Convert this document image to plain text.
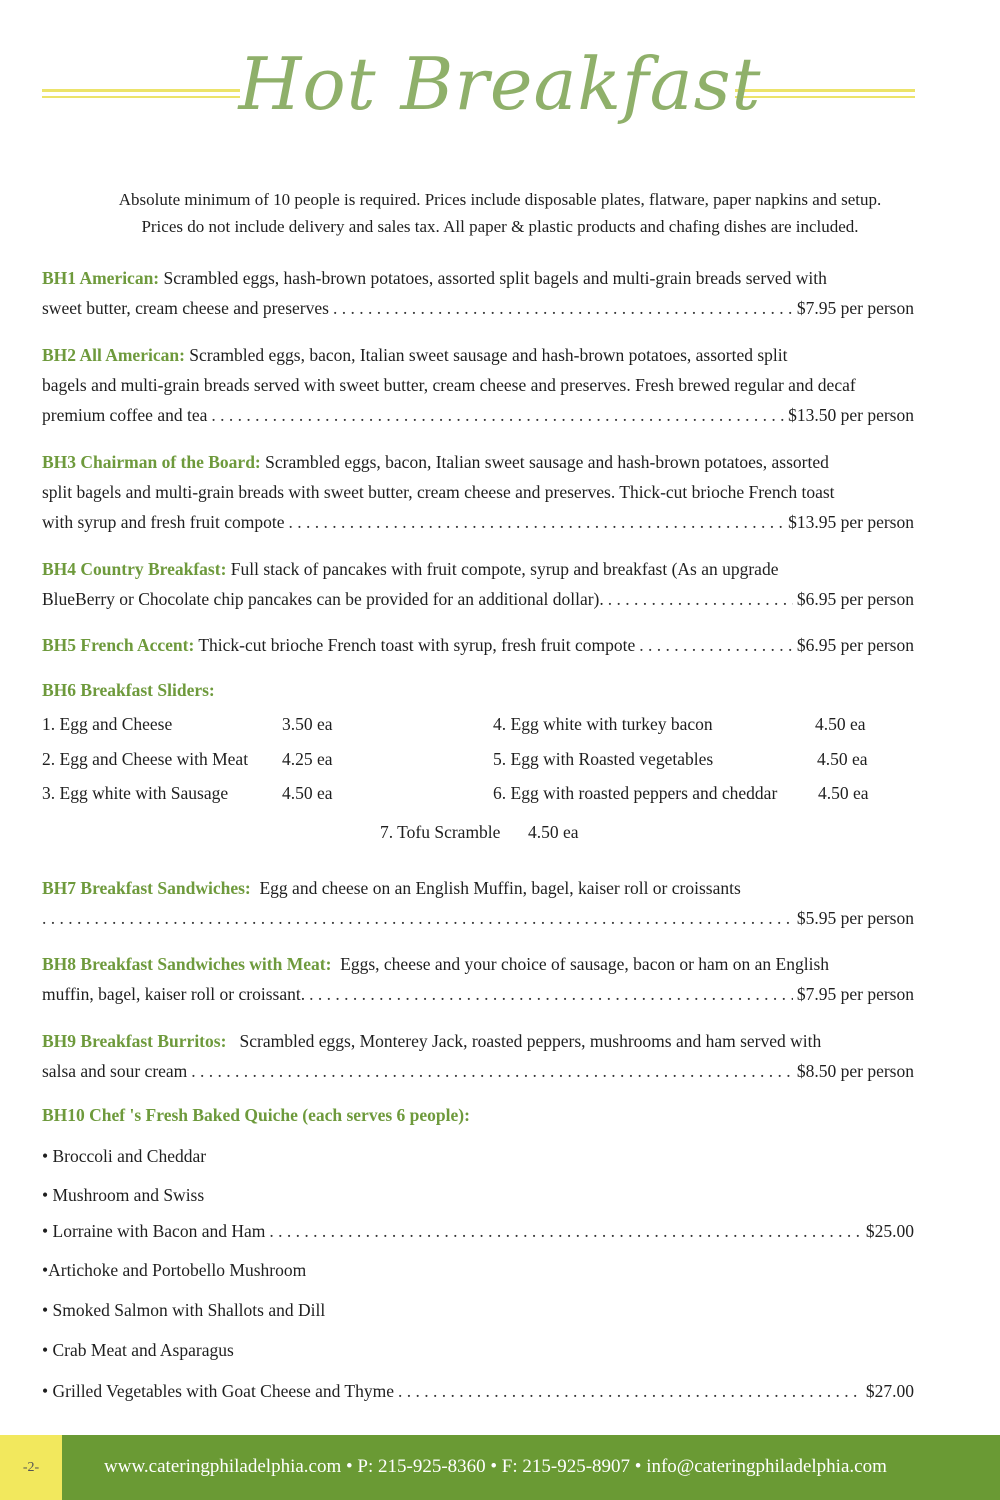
Hot Breakfast
Absolute minimum of 10 people is required. Prices include disposable plates, flatware, paper napkins and setup.
Prices do not include delivery and sales tax. All paper & plastic products and chafing dishes are included.
BH1 American: Scrambled eggs, hash-brown potatoes, assorted split bagels and multi-grain breads served with
sweet butter, cream cheese and preserves . . .	$7.95 per person
BH2 All American: Scrambled eggs, bacon, Italian sweet sausage and hash-brown potatoes, assorted split
bagels and multi-grain breads served with sweet butter, cream cheese and preserves. Fresh brewed regular and decaf
premium coffee and tea . . .	$13.50 per person
BH3 Chairman of the Board: Scrambled eggs, bacon, Italian sweet sausage and hash-brown potatoes, assorted
split bagels and multi-grain breads with sweet butter, cream cheese and preserves. Thick-cut brioche French toast
with syrup and fresh fruit compote . . .	$13.95 per person
BH4 Country Breakfast: Full stack of pancakes with fruit compote, syrup and breakfast (As an upgrade
BlueBerry or Chocolate chip pancakes can be provided for an additional dollar). . . .	$6.95 per person
BH5 French Accent: Thick-cut brioche French toast with syrup, fresh fruit compote . . .	$6.95 per person
BH6 Breakfast Sliders:
1. Egg and Cheese	3.50 ea
2. Egg and Cheese with Meat 4.25 ea
3. Egg white with Sausage	4.50 ea
4. Egg white with turkey bacon	4.50 ea
5. Egg with Roasted vegetables	4.50 ea
6. Egg with roasted peppers and cheddar 4.50 ea
7. Tofu Scramble 4.50 ea
BH7 Breakfast Sandwiches: Egg and cheese on an English Muffin, bagel, kaiser roll or croissants
. . .
$5.95 per person
BH8 Breakfast Sandwiches with Meat: Eggs, cheese and your choice of sausage, bacon or ham on an English
muffin, bagel, kaiser roll or croissant. . . .	$7.95 per person
BH9 Breakfast Burritos: Scrambled eggs, Monterey Jack, roasted peppers, mushrooms and ham served with
salsa and sour cream . . .	$8.50 per person
BH10 Chef 's Fresh Baked Quiche (each serves 6 people):
• Broccoli and Cheddar
• Mushroom and Swiss
• Lorraine with Bacon and Ham . . .	$25.00
•Artichoke and Portobello Mushroom
• Smoked Salmon with Shallots and Dill
• Crab Meat and Asparagus
• Grilled Vegetables with Goat Cheese and Thyme . . .	$27.00
-2-	www.cateringphiladelphia.com • P: 215-925-8360 • F: 215-925-8907 • info@cateringphiladelphia.com
